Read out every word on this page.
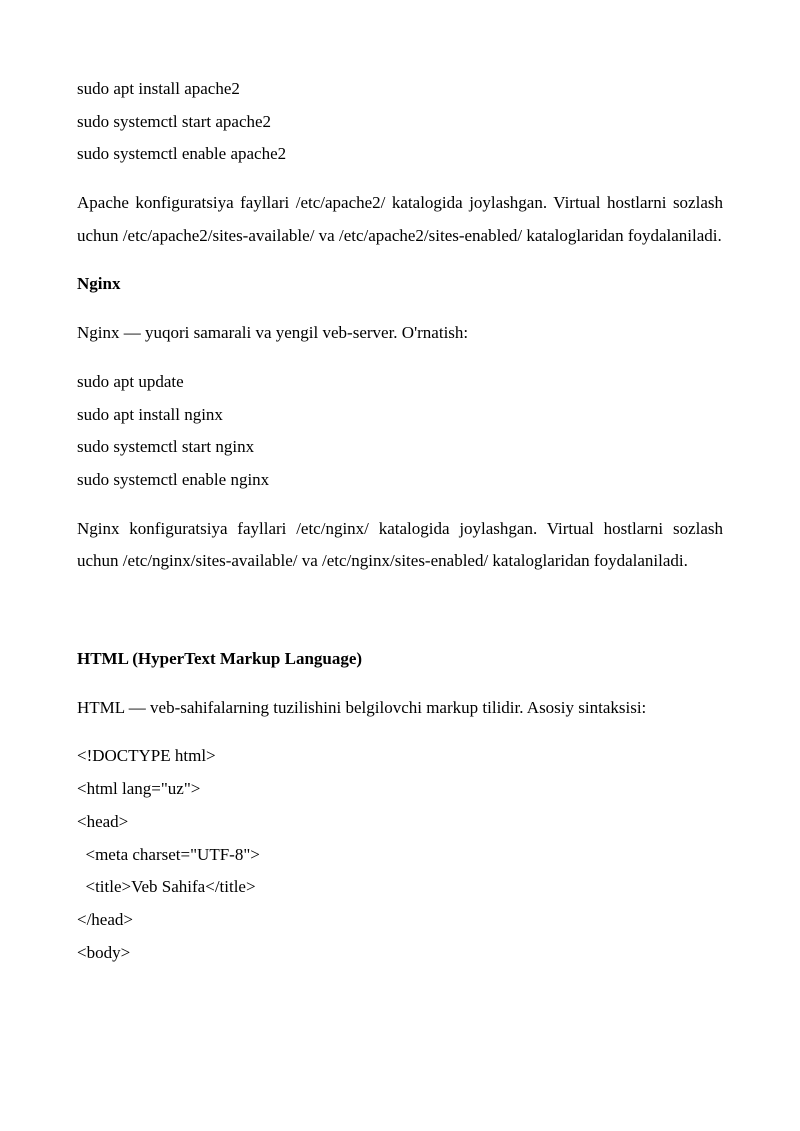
sudo apt install apache2
sudo systemctl start apache2
sudo systemctl enable apache2

Apache konfiguratsiya fayllari /etc/apache2/ katalogida joylashgan. Virtual hostlarni sozlash uchun /etc/apache2/sites-available/ va /etc/apache2/sites-enabled/ kataloglaridan foydalaniladi.

Nginx

Nginx — yuqori samarali va yengil veb-server. O'rnatish:

sudo apt update
sudo apt install nginx
sudo systemctl start nginx
sudo systemctl enable nginx

Nginx konfiguratsiya fayllari /etc/nginx/ katalogida joylashgan. Virtual hostlarni sozlash uchun /etc/nginx/sites-available/ va /etc/nginx/sites-enabled/ kataloglaridan foydalaniladi.

HTML (HyperText Markup Language)

HTML — veb-sahifalarning tuzilishini belgilovchi markup tilidir. Asosiy sintaksisi:

<!DOCTYPE html>
<html lang="uz">
<head>
<meta charset="UTF-8">
<title>Veb Sahifa</title>
</head>
<body>
